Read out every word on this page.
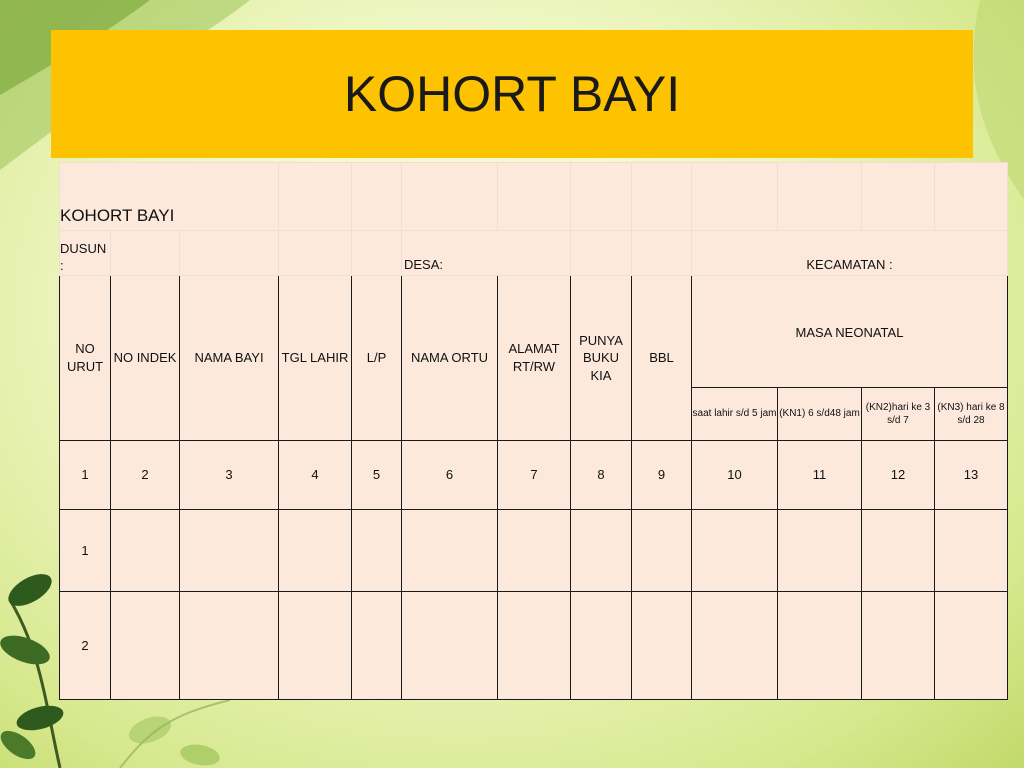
KOHORT BAYI
KOHORT BAYI												
DUSUN :					DESA:				KECAMATAN :			
NO URUT	NO INDEK	NAMA BAYI	TGL LAHIR	L/P	NAMA ORTU	ALAMAT RT/RW	PUNYA BUKU KIA	BBL	MASA NEONATAL			
									saat lahir s/d 5 jam	(KN1) 6 s/d48 jam	(KN2)hari ke 3 s/d 7	(KN3) hari ke 8 s/d 28
1	2	3	4	5	6	7	8	9	10	11	12	13
1												
2												
